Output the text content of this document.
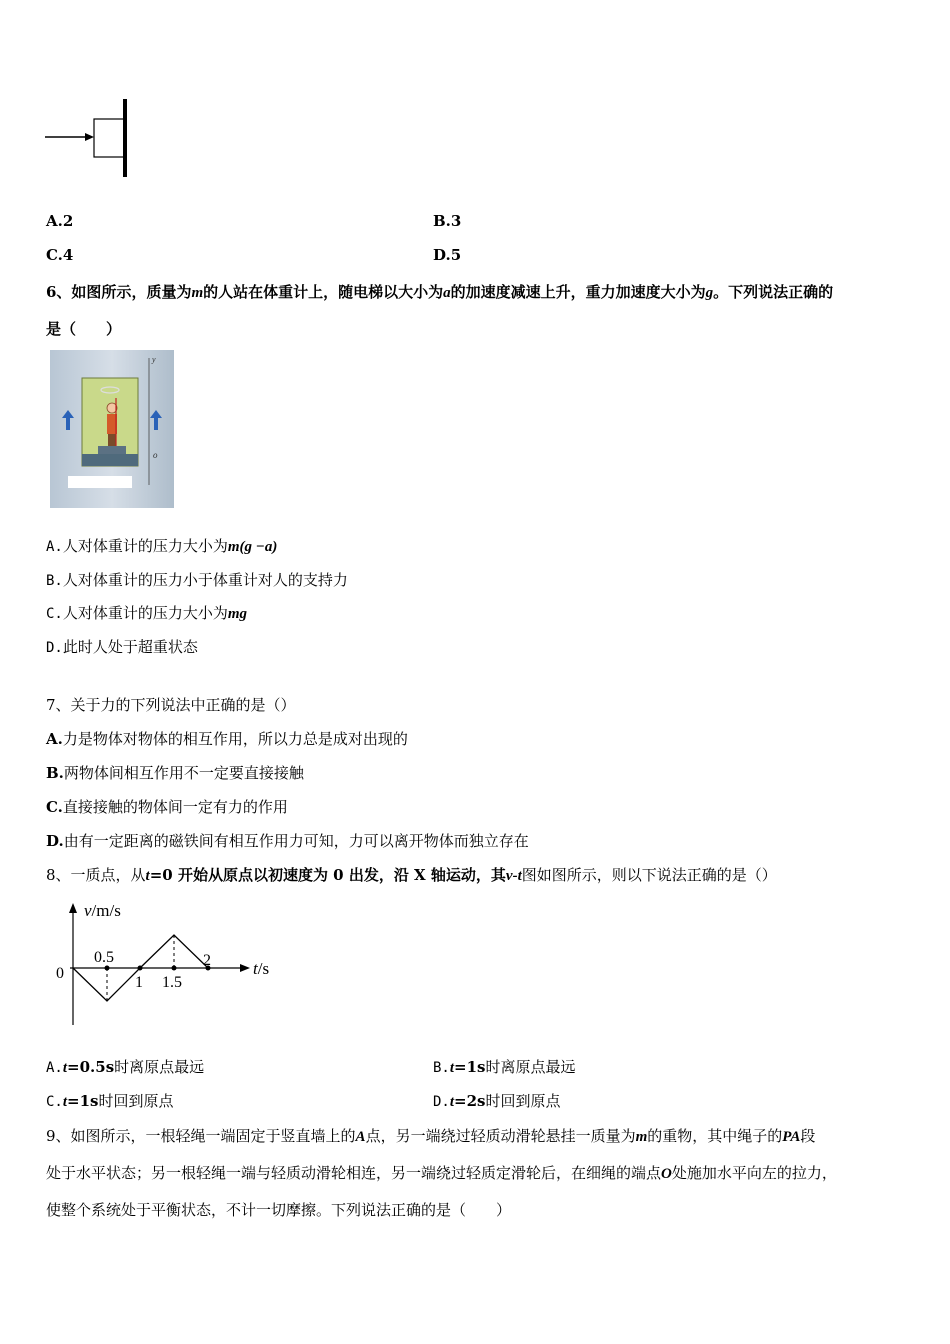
A.2	B.3
C.4	D.5
6、如图所示，质量为m的人站在体重计上，随电梯以大小为a的加速度减速上升，重力加速度大小为g。下列说法正确的
是（　　）
y
o
A.人对体重计的压力大小为m(g −a)
B.人对体重计的压力小于体重计对人的支持力
C.人对体重计的压力大小为mg
D.此时人处于超重状态
7、关于力的下列说法中正确的是（）
A.力是物体对物体的相互作用，所以力总是成对出现的
B.两物体间相互作用不一定要直接接触
C.直接接触的物体间一定有力的作用
D.由有一定距离的磁铁间有相互作用力可知，力可以离开物体而独立存在
8、一质点，从t=0 开始从原点以初速度为 0 出发，沿 X 轴运动，其v-t图如图所示，则以下说法正确的是（）
v/m/s
t/s
0
0.5
1 1.5
2
A.t=0.5s时离原点最远	B.t=1s时离原点最远
C.t=1s时回到原点	D.t=2s时回到原点
9、如图所示，一根轻绳一端固定于竖直墙上的A点，另一端绕过轻质动滑轮悬挂一质量为m的重物，其中绳子的PA段
处于水平状态；另一根轻绳一端与轻质动滑轮相连，另一端绕过轻质定滑轮后，在细绳的端点O处施加水平向左的拉力，
使整个系统处于平衡状态，不计一切摩擦。下列说法正确的是（　　）
